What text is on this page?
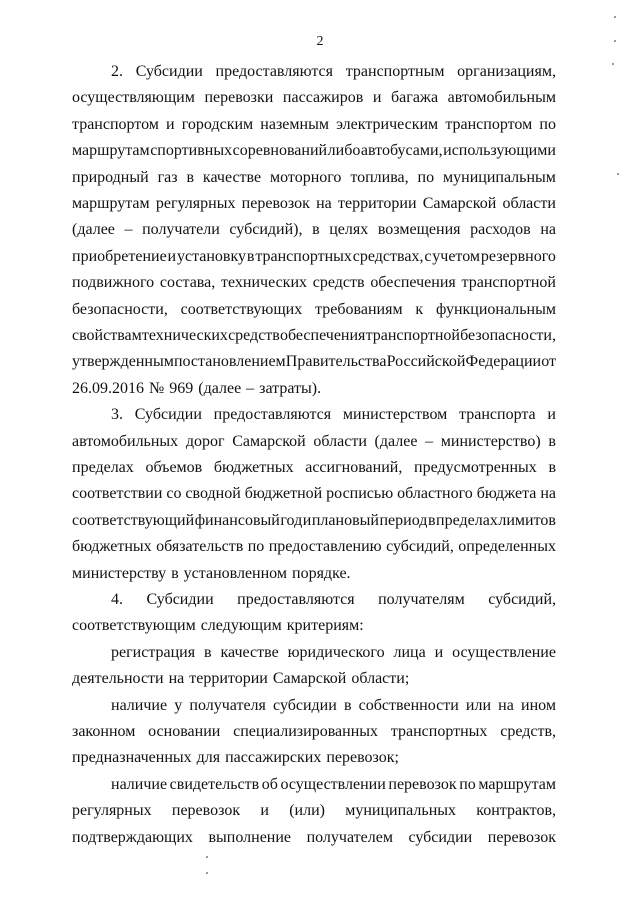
2
2. Субсидии предоставляются транспортным организациям,
осуществляющим перевозки пассажиров и багажа автомобильным
транспортом и городским наземным электрическим транспортом по
маршрутам спортивных соревнований либо автобусами, использующими
природный газ в качестве моторного топлива, по муниципальным
маршрутам регулярных перевозок на территории Самарской области
(далее – получатели субсидий), в целях возмещения расходов на
приобретение и установку в транспортных средствах, с учетом резервного
подвижного состава, технических средств обеспечения транспортной
безопасности, соответствующих требованиям к функциональным
свойствам технических средств обеспечения транспортной безопасности,
утвержденным постановлением Правительства Российской Федерации от
26.09.2016 № 969 (далее – затраты).
3. Субсидии предоставляются министерством транспорта и
автомобильных дорог Самарской области (далее – министерство) в
пределах объемов бюджетных ассигнований, предусмотренных в
соответствии со сводной бюджетной росписью областного бюджета на
соответствующий финансовый год и плановый период в пределах лимитов
бюджетных обязательств по предоставлению субсидий, определенных
министерству в установленном порядке.
4. Субсидии предоставляются получателям субсидий,
соответствующим следующим критериям:
регистрация в качестве юридического лица и осуществление
деятельности на территории Самарской области;
наличие у получателя субсидии в собственности или на ином
законном основании специализированных транспортных средств,
предназначенных для пассажирских перевозок;
наличие свидетельств об осуществлении перевозок по маршрутам
регулярных перевозок и (или) муниципальных контрактов,
подтверждающих выполнение получателем субсидии перевозок
